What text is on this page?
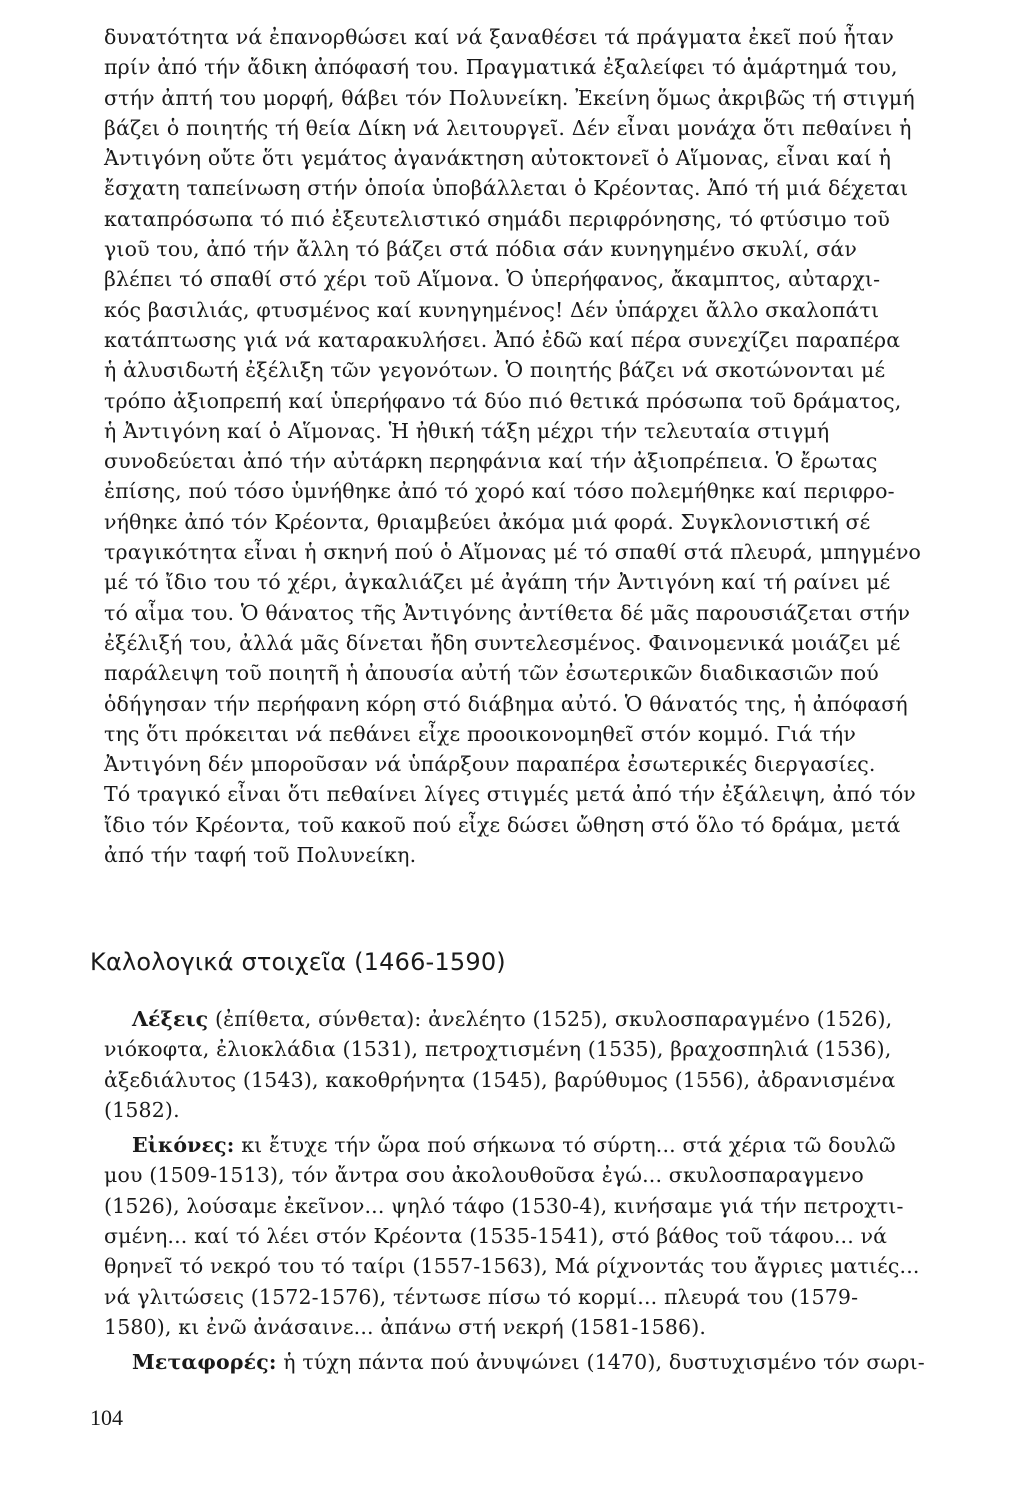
δυνατότητα νά ἐπανορθώσει καί νά ξαναθέσει τά πράγματα ἐκεῖ πού ἦταν
πρίν ἀπό τήν ἄδικη ἀπόφασή του. Πραγματικά ἐξαλείφει τό ἁμάρτημά του,
στήν ἀπτή του μορφή, θάβει τόν Πολυνείκη. Ἐκείνη ὅμως ἀκριβῶς τή στιγμή
βάζει ὁ ποιητής τή θεία Δίκη νά λειτουργεῖ. Δέν εἶναι μονάχα ὅτι πεθαίνει ἡ
Ἀντιγόνη οὔτε ὅτι γεμάτος ἀγανάκτηση αὐτοκτονεῖ ὁ Αἵμονας, εἶναι καί ἡ
ἔσχατη ταπείνωση στήν ὁποία ὑποβάλλεται ὁ Κρέοντας. Ἀπό τή μιά δέχεται
καταπρόσωπα τό πιό ἐξευτελιστικό σημάδι περιφρόνησης, τό φτύσιμο τοῦ
γιοῦ του, ἀπό τήν ἄλλη τό βάζει στά πόδια σάν κυνηγημένο σκυλί, σάν
βλέπει τό σπαθί στό χέρι τοῦ Αἵμονα. Ὁ ὑπερήφανος, ἄκαμπτος, αὐταρχι-
κός βασιλιάς, φτυσμένος καί κυνηγημένος! Δέν ὑπάρχει ἄλλο σκαλοπάτι
κατάπτωσης γιά νά καταρακυλήσει. Ἀπό ἐδῶ καί πέρα συνεχίζει παραπέρα
ἡ ἀλυσιδωτή ἐξέλιξη τῶν γεγονότων. Ὁ ποιητής βάζει νά σκοτώνονται μέ
τρόπο ἀξιοπρεπή καί ὑπερήφανο τά δύο πιό θετικά πρόσωπα τοῦ δράματος,
ἡ Ἀντιγόνη καί ὁ Αἵμονας. Ἡ ἠθική τάξη μέχρι τήν τελευταία στιγμή
συνοδεύεται ἀπό τήν αὐτάρκη περηφάνια καί τήν ἀξιοπρέπεια. Ὁ ἔρωτας
ἐπίσης, πού τόσο ὑμνήθηκε ἀπό τό χορό καί τόσο πολεμήθηκε καί περιφρο-
νήθηκε ἀπό τόν Κρέοντα, θριαμβεύει ἀκόμα μιά φορά. Συγκλονιστική σέ
τραγικότητα εἶναι ἡ σκηνή πού ὁ Αἵμονας μέ τό σπαθί στά πλευρά, μπηγμένο
μέ τό ἴδιο του τό χέρι, ἀγκαλιάζει μέ ἀγάπη τήν Ἀντιγόνη καί τή ραίνει μέ
τό αἷμα του. Ὁ θάνατος τῆς Ἀντιγόνης ἀντίθετα δέ μᾶς παρουσιάζεται στήν
ἐξέλιξή του, ἀλλά μᾶς δίνεται ἤδη συντελεσμένος. Φαινομενικά μοιάζει μέ
παράλειψη τοῦ ποιητῆ ἡ ἀπουσία αὐτή τῶν ἐσωτερικῶν διαδικασιῶν πού
ὁδήγησαν τήν περήφανη κόρη στό διάβημα αὐτό. Ὁ θάνατός της, ἡ ἀπόφασή
της ὅτι πρόκειται νά πεθάνει εἶχε προοικονομηθεῖ στόν κομμό. Γιά τήν
Ἀντιγόνη δέν μποροῦσαν νά ὑπάρξουν παραπέρα ἐσωτερικές διεργασίες.
Τό τραγικό εἶναι ὅτι πεθαίνει λίγες στιγμές μετά ἀπό τήν ἐξάλειψη, ἀπό τόν
ἴδιο τόν Κρέοντα, τοῦ κακοῦ πού εἶχε δώσει ὤθηση στό ὅλο τό δράμα, μετά
ἀπό τήν ταφή τοῦ Πολυνείκη.
Καλολογικά στοιχεῖα (1466-1590)
Λέξεις (ἐπίθετα, σύνθετα): ἀνελέητο (1525), σκυλοσπαραγμένο (1526),
νιόκοφτα, ἐλιοκλάδια (1531), πετροχτισμένη (1535), βραχοσπηλιά (1536),
ἀξεδιάλυτος (1543), κακοθρήνητα (1545), βαρύθυμος (1556), ἀδρανισμένα
(1582).
Εἰκόνες: κι ἔτυχε τήν ὥρα πού σήκωνα τό σύρτη... στά χέρια τῶ δουλῶ
μου (1509-1513), τόν ἄντρα σου ἀκολουθοῦσα ἐγώ... σκυλοσπαραγμενο
(1526), λούσαμε ἐκεῖνον... ψηλό τάφο (1530-4), κινήσαμε γιά τήν πετροχτι-
σμένη... καί τό λέει στόν Κρέοντα (1535-1541), στό βάθος τοῦ τάφου... νά
θρηνεῖ τό νεκρό του τό ταίρι (1557-1563), Μά ρίχνοντάς του ἄγριες ματιές...
νά γλιτώσεις (1572-1576), τέντωσε πίσω τό κορμί... πλευρά του (1579-
1580), κι ἐνῶ ἀνάσαινε... ἀπάνω στή νεκρή (1581-1586).
Μεταφορές: ἡ τύχη πάντα πού ἀνυψώνει (1470), δυστυχισμένο τόν σωρι-
104
